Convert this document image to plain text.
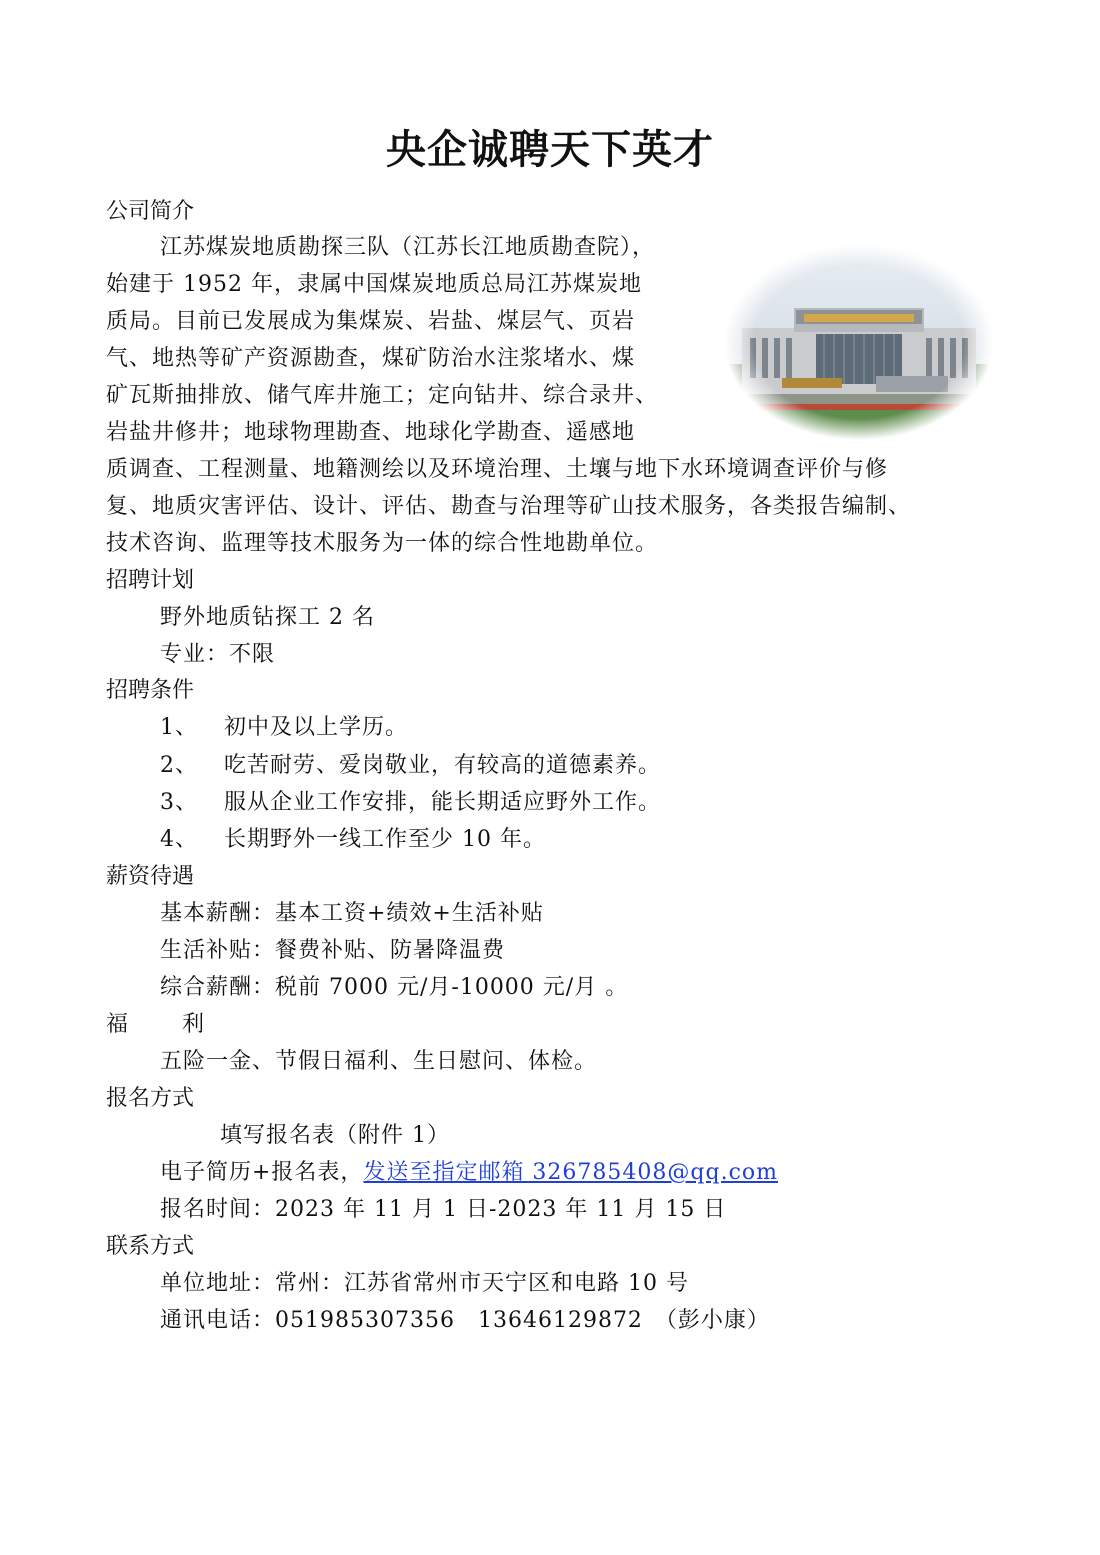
央企诚聘天下英才

公司简介

江苏煤炭地质勘探三队（江苏长江地质勘查院），

始建于 1952 年，隶属中国煤炭地质总局江苏煤炭地

质局。目前已发展成为集煤炭、岩盐、煤层气、页岩

气、地热等矿产资源勘查，煤矿防治水注浆堵水、煤

矿瓦斯抽排放、储气库井施工；定向钻井、综合录井、

岩盐井修井；地球物理勘查、地球化学勘查、遥感地

质调查、工程测量、地籍测绘以及环境治理、土壤与地下水环境调查评价与修

复、地质灾害评估、设计、评估、勘查与治理等矿山技术服务，各类报告编制、

技术咨询、监理等技术服务为一体的综合性地勘单位。

招聘计划

野外地质钻探工 2 名

专业：不限

招聘条件

1、 初中及以上学历。

2、 吃苦耐劳、爱岗敬业，有较高的道德素养。

3、 服从企业工作安排，能长期适应野外工作。

4、 长期野外一线工作至少 10 年。

薪资待遇

基本薪酬：基本工资+绩效+生活补贴

生活补贴：餐费补贴、防暑降温费

综合薪酬：税前 7000 元/月-10000 元/月 。

福 利

五险一金、节假日福利、生日慰问、体检。

报名方式

填写报名表（附件 1）

电子简历+报名表，发送至指定邮箱 326785408@qq.com

报名时间：2023 年 11 月 1 日-2023 年 11 月 15 日

联系方式

单位地址：常州：江苏省常州市天宁区和电路 10 号

通讯电话：051985307356　13646129872　（彭小康）
